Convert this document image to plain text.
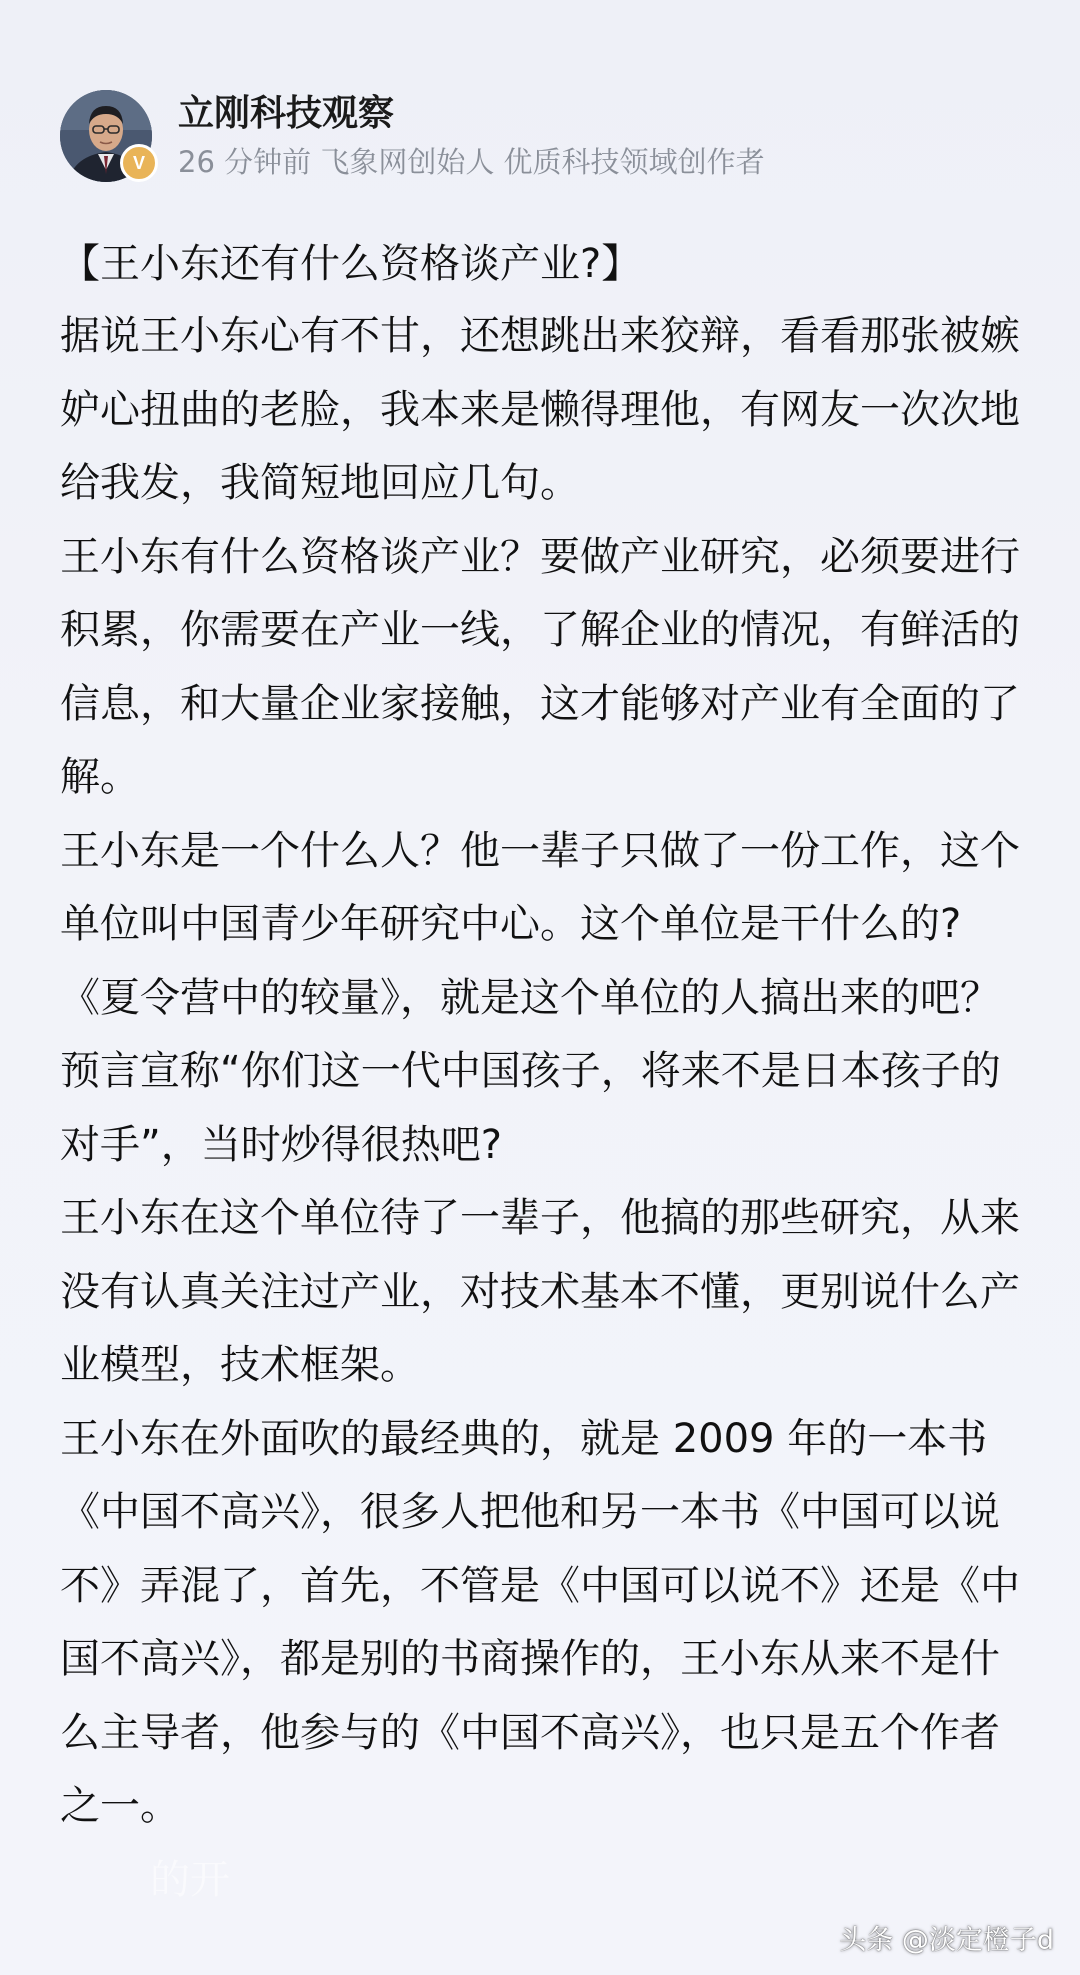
V
立刚科技观察
26 分钟前 飞象网创始人 优质科技领域创作者

【王小东还有什么资格谈产业?】

据说王小东心有不甘，还想跳出来狡辩，看看那张被嫉妒心扭曲的老脸，我本来是懒得理他，有网友一次次地给我发，我简短地回应几句。

王小东有什么资格谈产业？要做产业研究，必须要进行积累，你需要在产业一线，了解企业的情况，有鲜活的信息，和大量企业家接触，这才能够对产业有全面的了解。

王小东是一个什么人？他一辈子只做了一份工作，这个单位叫中国青少年研究中心。这个单位是干什么的?《夏令营中的较量》，就是这个单位的人搞出来的吧？预言宣称“你们这一代中国孩子，将来不是日本孩子的对手”，当时炒得很热吧?

王小东在这个单位待了一辈子，他搞的那些研究，从来没有认真关注过产业，对技术基本不懂，更别说什么产业模型，技术框架。

王小东在外面吹的最经典的，就是 2009 年的一本书《中国不高兴》，很多人把他和另一本书《中国可以说不》弄混了，首先，不管是《中国可以说不》还是《中国不高兴》，都是别的书商操作的，王小东从来不是什么主导者，他参与的《中国不高兴》，也只是五个作者之一。

的开
头条 @淡定橙子d
